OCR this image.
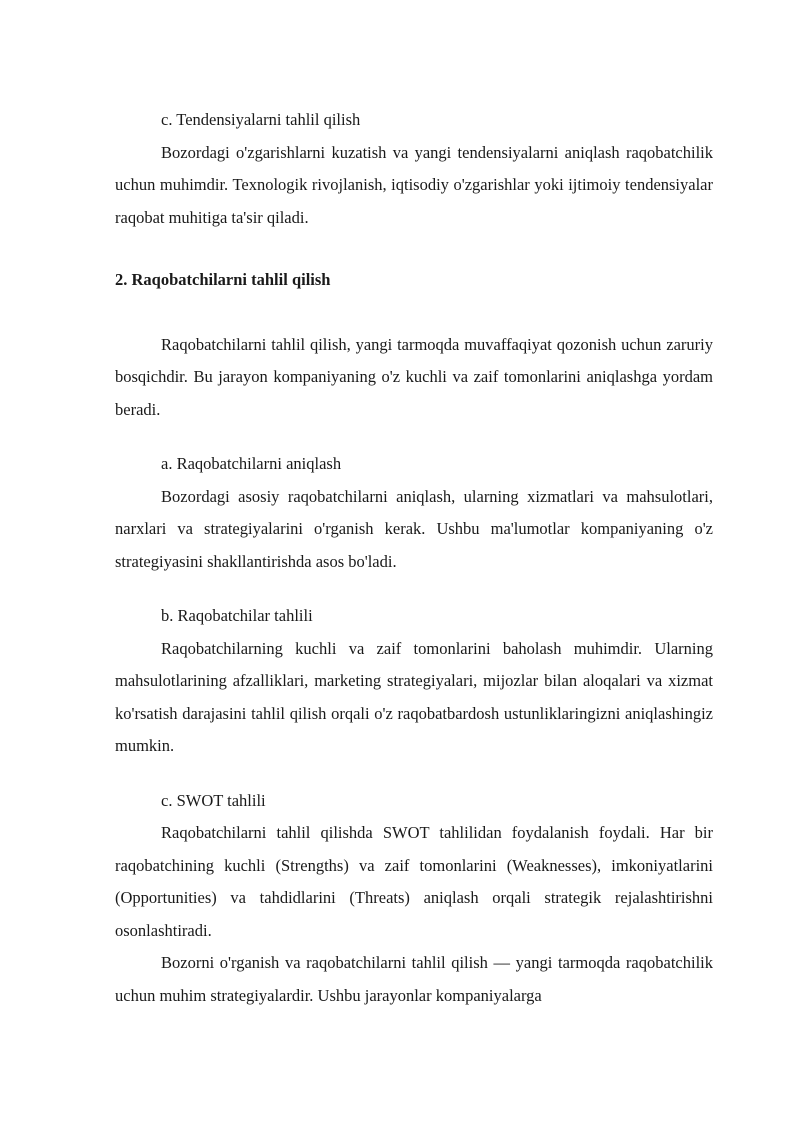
c. Tendensiyalarni tahlil qilish

Bozordagi o'zgarishlarni kuzatish va yangi tendensiyalarni aniqlash raqobatchilik uchun muhimdir. Texnologik rivojlanish, iqtisodiy o'zgarishlar yoki ijtimoiy tendensiyalar raqobat muhitiga ta'sir qiladi.

2. Raqobatchilarni tahlil qilish

Raqobatchilarni tahlil qilish, yangi tarmoqda muvaffaqiyat qozonish uchun zaruriy bosqichdir. Bu jarayon kompaniyaning o'z kuchli va zaif tomonlarini aniqlashga yordam beradi.

a. Raqobatchilarni aniqlash

Bozordagi asosiy raqobatchilarni aniqlash, ularning xizmatlari va mahsulotlari, narxlari va strategiyalarini o'rganish kerak. Ushbu ma'lumotlar kompaniyaning o'z strategiyasini shakllantirishda asos bo'ladi.

b. Raqobatchilar tahlili

Raqobatchilarning kuchli va zaif tomonlarini baholash muhimdir. Ularning mahsulotlarining afzalliklari, marketing strategiyalari, mijozlar bilan aloqalari va xizmat ko'rsatish darajasini tahlil qilish orqali o'z raqobatbardosh ustunliklaringizni aniqlashingiz mumkin.

c. SWOT tahlili

Raqobatchilarni tahlil qilishda SWOT tahlilidan foydalanish foydali. Har bir raqobatchining kuchli (Strengths) va zaif tomonlarini (Weaknesses), imkoniyatlarini (Opportunities) va tahdidlarini (Threats) aniqlash orqali strategik rejalashtirishni osonlashtiradi.

Bozorni o'rganish va raqobatchilarni tahlil qilish — yangi tarmoqda raqobatchilik uchun muhim strategiyalardir. Ushbu jarayonlar kompaniyalarga
